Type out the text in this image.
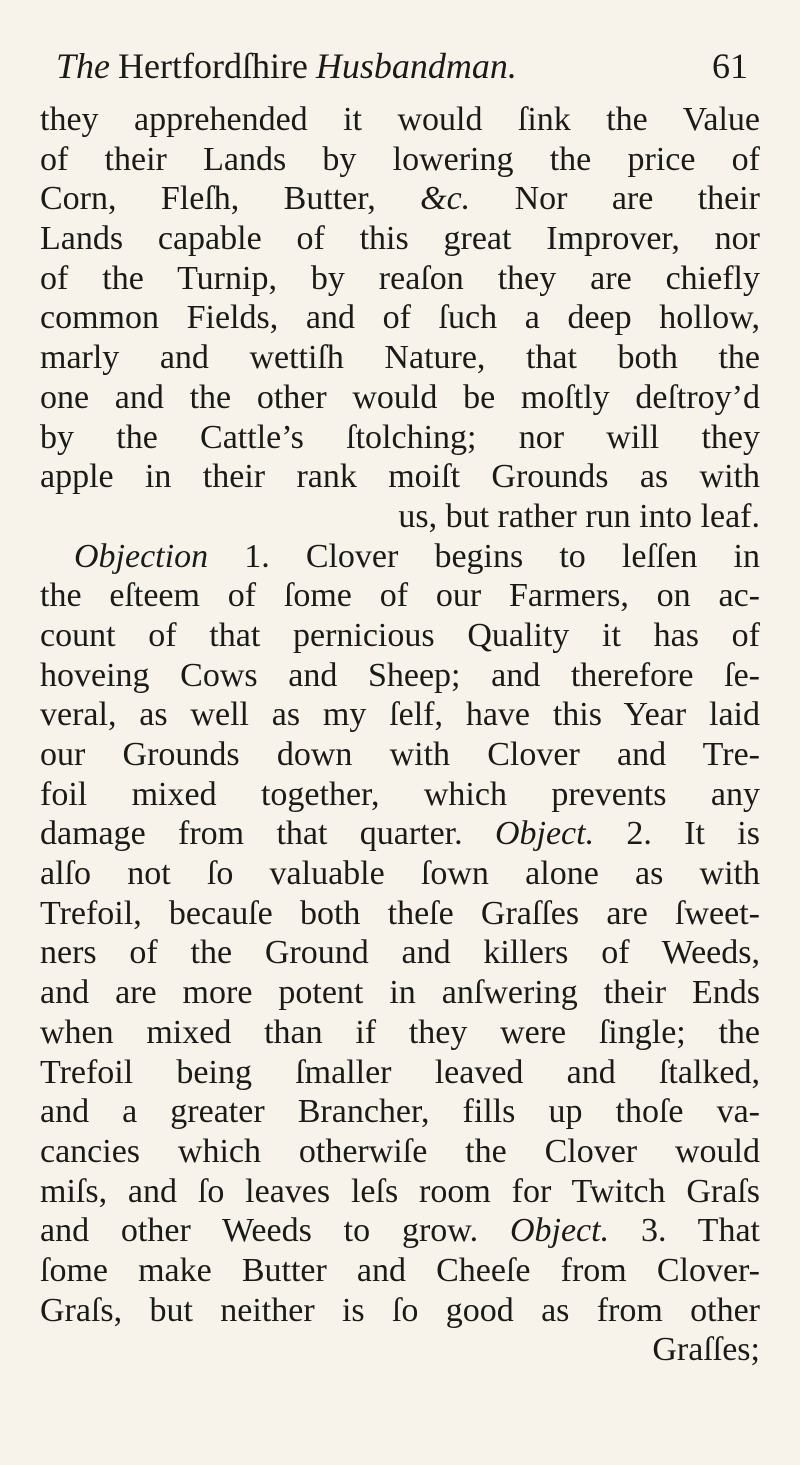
The Hertfordſhire Husbandman.	61
they apprehended it would ſink the Value
of their Lands by lowering the price of
Corn, Fleſh, Butter, &c. Nor are their
Lands capable of this great Improver, nor
of the Turnip, by reaſon they are chiefly
common Fields, and of ſuch a deep hollow,
marly and wettiſh Nature, that both the
one and the other would be moſtly deſtroy’d
by the Cattle’s ſtolching; nor will they
apple in their rank moiſt Grounds as with
us, but rather run into leaf.
Objection 1. Clover begins to leſſen in
the eſteem of ſome of our Farmers, on ac-
count of that pernicious Quality it has of
hoveing Cows and Sheep; and therefore ſe-
veral, as well as my ſelf, have this Year laid
our Grounds down with Clover and Tre-
foil mixed together, which prevents any
damage from that quarter. Object. 2. It is
alſo not ſo valuable ſown alone as with
Trefoil, becauſe both theſe Graſſes are ſweet-
ners of the Ground and killers of Weeds,
and are more potent in anſwering their Ends
when mixed than if they were ſingle; the
Trefoil being ſmaller leaved and ſtalked,
and a greater Brancher, fills up thoſe va-
cancies which otherwiſe the Clover would
miſs, and ſo leaves leſs room for Twitch Graſs
and other Weeds to grow. Object. 3. That
ſome make Butter and Cheeſe from Clover-
Graſs, but neither is ſo good as from other
Graſſes;
